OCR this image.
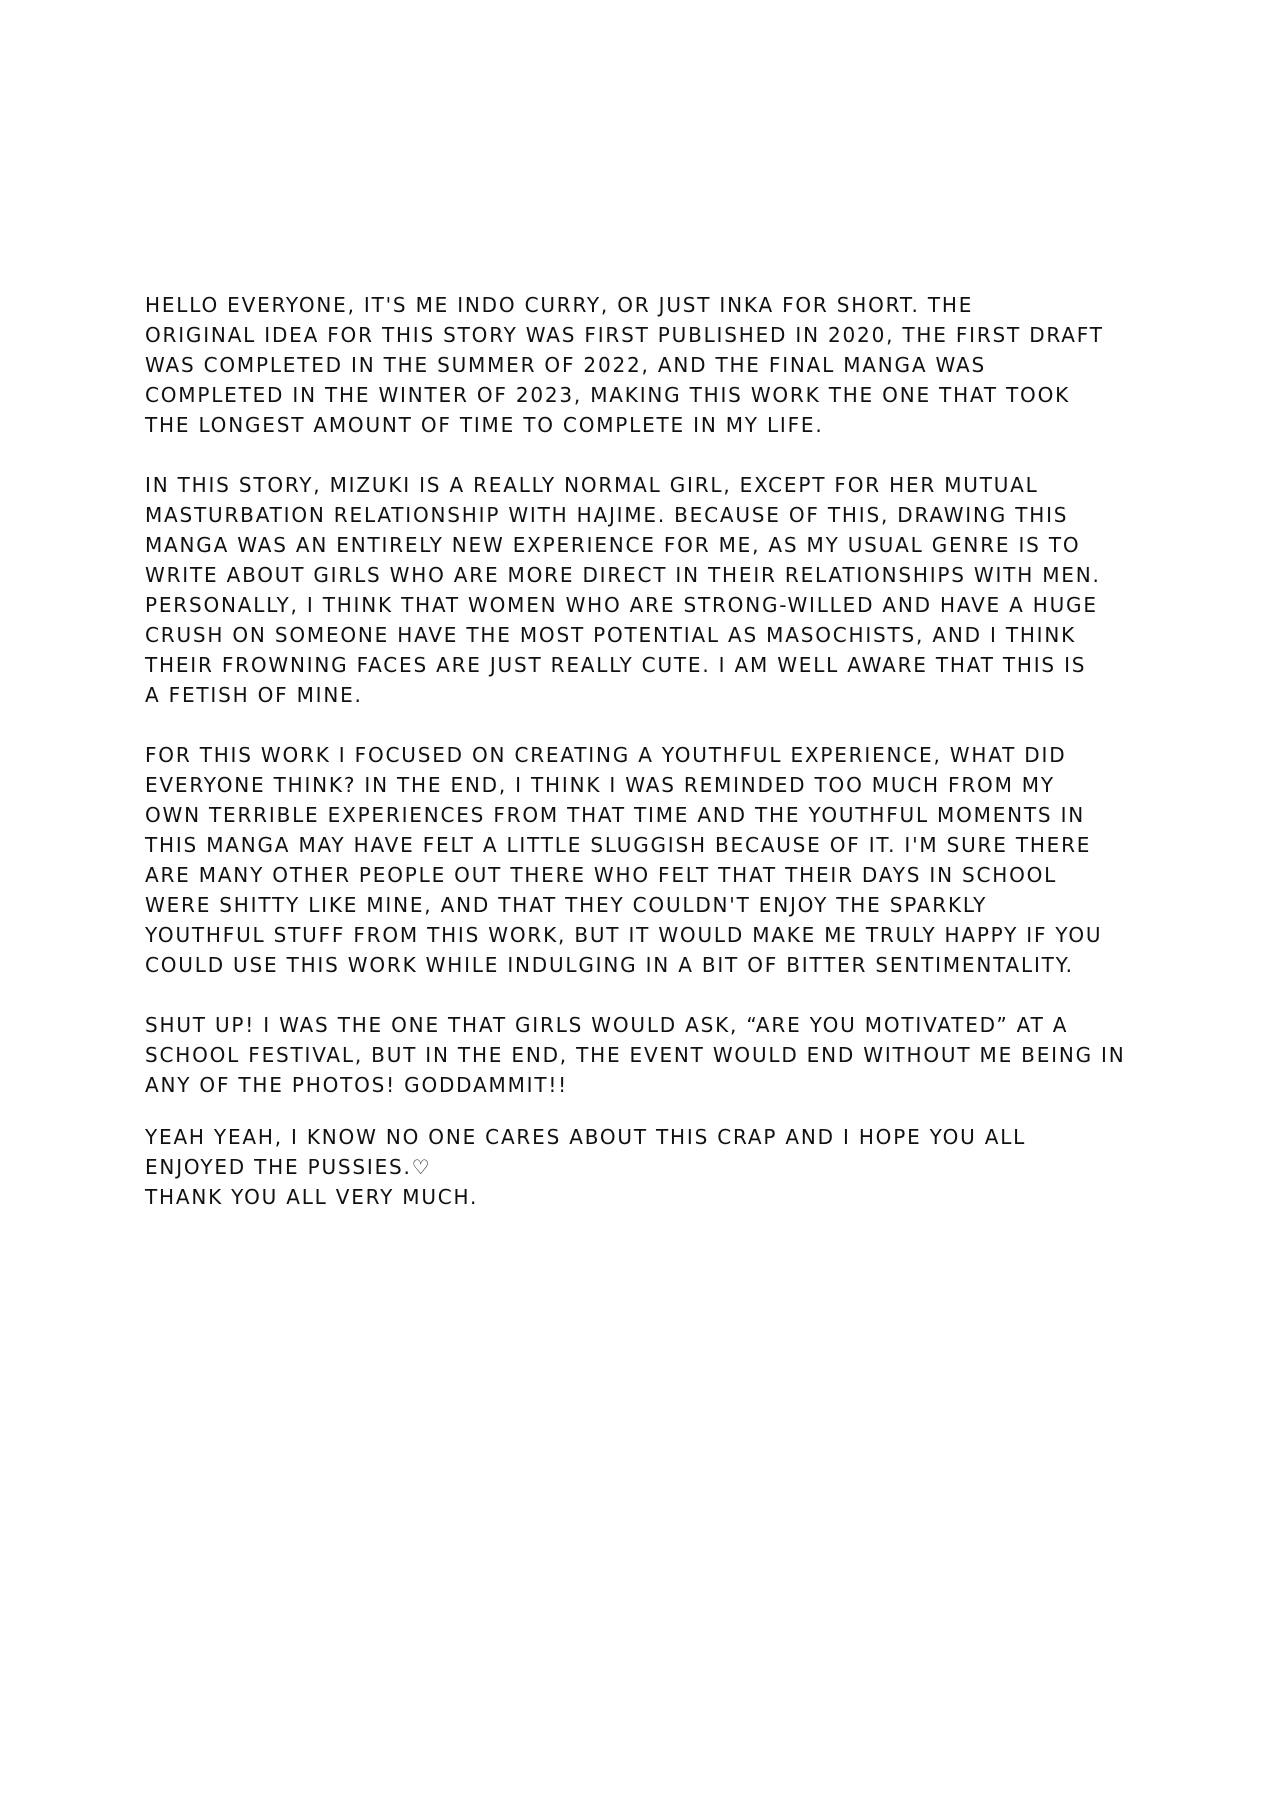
HELLO EVERYONE, IT'S ME INDO CURRY, OR JUST INKA FOR SHORT. THE
ORIGINAL IDEA FOR THIS STORY WAS FIRST PUBLISHED IN 2020, THE FIRST DRAFT
WAS COMPLETED IN THE SUMMER OF 2022, AND THE FINAL MANGA WAS
COMPLETED IN THE WINTER OF 2023, MAKING THIS WORK THE ONE THAT TOOK
THE LONGEST AMOUNT OF TIME TO COMPLETE IN MY LIFE.

IN THIS STORY, MIZUKI IS A REALLY NORMAL GIRL, EXCEPT FOR HER MUTUAL
MASTURBATION RELATIONSHIP WITH HAJIME. BECAUSE OF THIS, DRAWING THIS
MANGA WAS AN ENTIRELY NEW EXPERIENCE FOR ME, AS MY USUAL GENRE IS TO
WRITE ABOUT GIRLS WHO ARE MORE DIRECT IN THEIR RELATIONSHIPS WITH MEN.
PERSONALLY, I THINK THAT WOMEN WHO ARE STRONG-WILLED AND HAVE A HUGE
CRUSH ON SOMEONE HAVE THE MOST POTENTIAL AS MASOCHISTS, AND I THINK
THEIR FROWNING FACES ARE JUST REALLY CUTE. I AM WELL AWARE THAT THIS IS
A FETISH OF MINE.

FOR THIS WORK I FOCUSED ON CREATING A YOUTHFUL EXPERIENCE, WHAT DID
EVERYONE THINK? IN THE END, I THINK I WAS REMINDED TOO MUCH FROM MY
OWN TERRIBLE EXPERIENCES FROM THAT TIME AND THE YOUTHFUL MOMENTS IN
THIS MANGA MAY HAVE FELT A LITTLE SLUGGISH BECAUSE OF IT. I'M SURE THERE
ARE MANY OTHER PEOPLE OUT THERE WHO FELT THAT THEIR DAYS IN SCHOOL
WERE SHITTY LIKE MINE, AND THAT THEY COULDN'T ENJOY THE SPARKLY
YOUTHFUL STUFF FROM THIS WORK, BUT IT WOULD MAKE ME TRULY HAPPY IF YOU
COULD USE THIS WORK WHILE INDULGING IN A BIT OF BITTER SENTIMENTALITY.

SHUT UP! I WAS THE ONE THAT GIRLS WOULD ASK, “ARE YOU MOTIVATED” AT A
SCHOOL FESTIVAL, BUT IN THE END, THE EVENT WOULD END WITHOUT ME BEING IN
ANY OF THE PHOTOS! GODDAMMIT!!

YEAH YEAH, I KNOW NO ONE CARES ABOUT THIS CRAP AND I HOPE YOU ALL
ENJOYED THE PUSSIES.♡
THANK YOU ALL VERY MUCH.
